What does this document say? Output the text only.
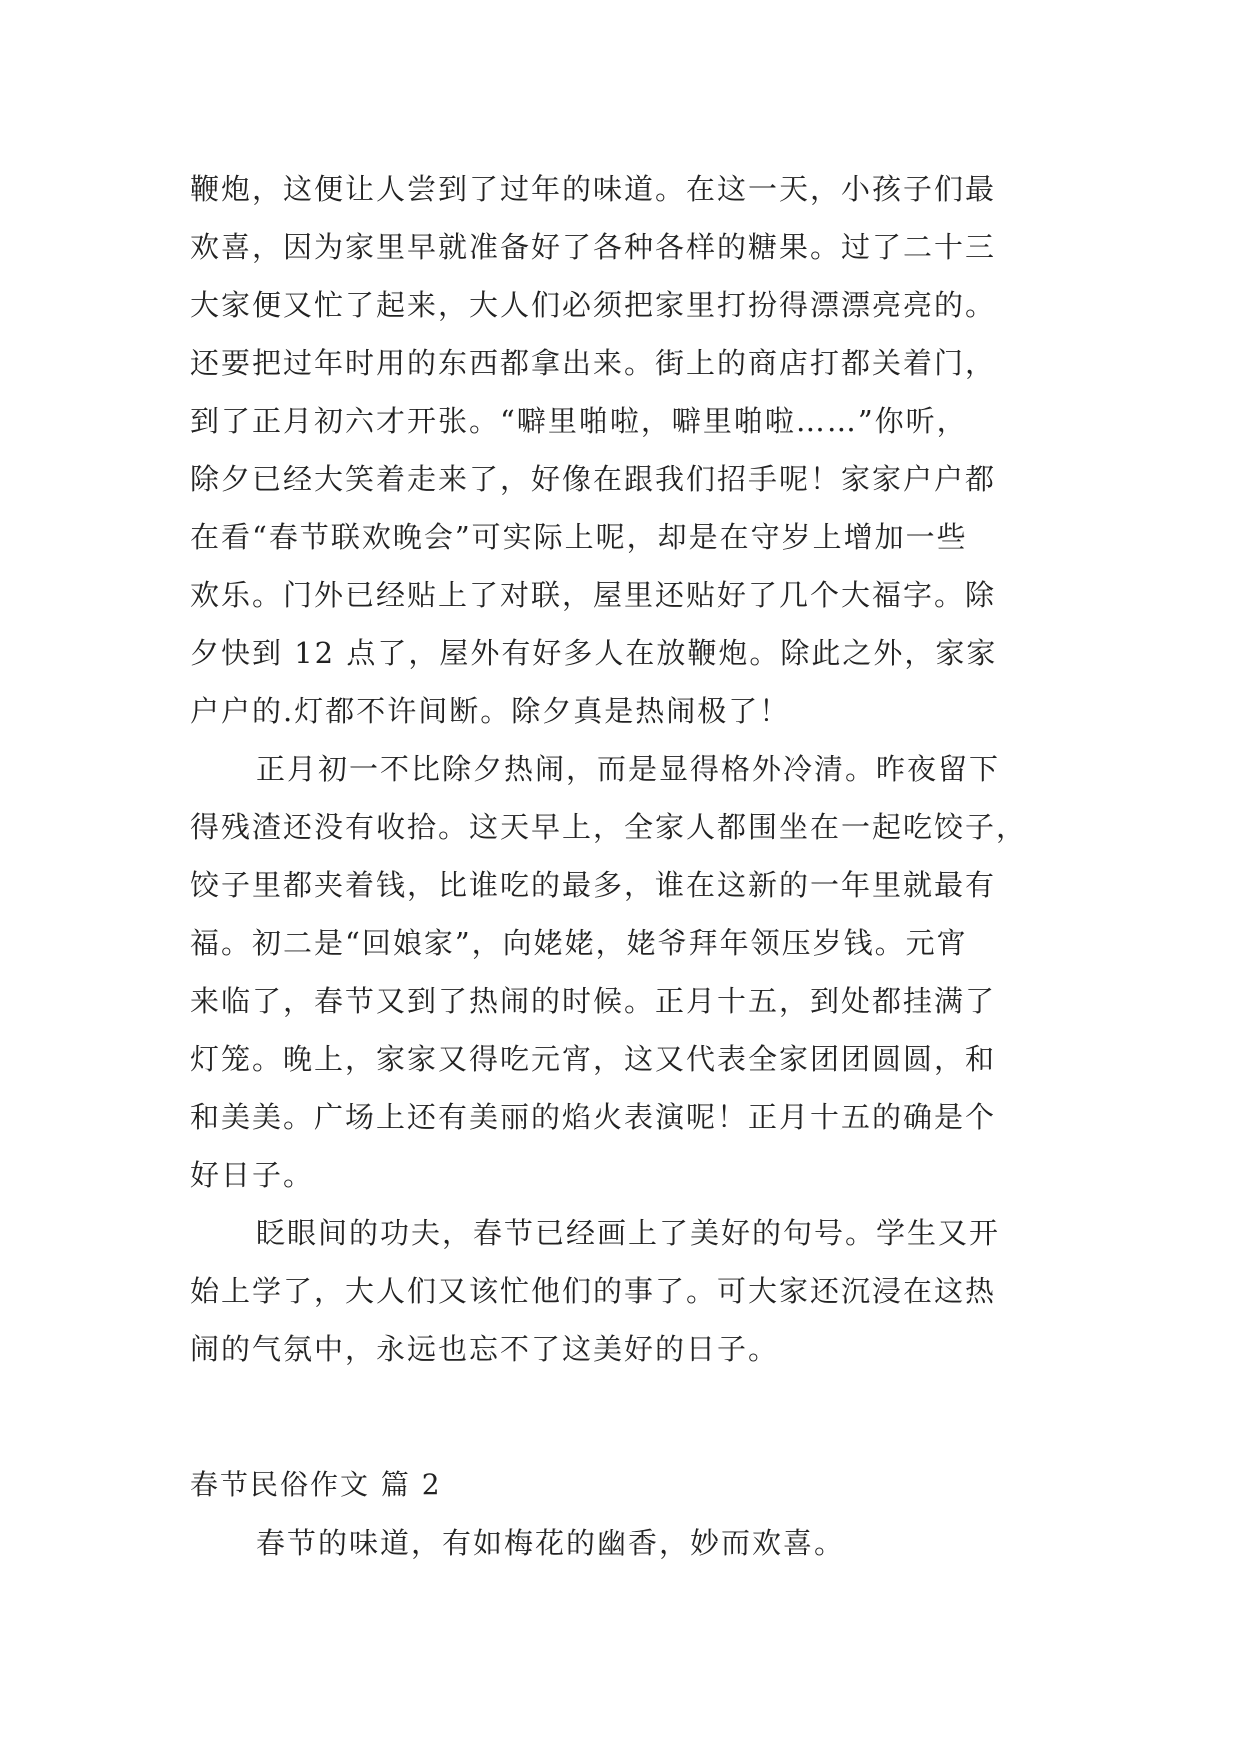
鞭炮，这便让人尝到了过年的味道。在这一天，小孩子们最
欢喜，因为家里早就准备好了各种各样的糖果。过了二十三
大家便又忙了起来，大人们必须把家里打扮得漂漂亮亮的。
还要把过年时用的东西都拿出来。街上的商店打都关着门，
到了正月初六才开张。“噼里啪啦，噼里啪啦……”你听，
除夕已经大笑着走来了，好像在跟我们招手呢！家家户户都
在看“春节联欢晚会”可实际上呢，却是在守岁上增加一些
欢乐。门外已经贴上了对联，屋里还贴好了几个大福字。除
夕快到 12 点了，屋外有好多人在放鞭炮。除此之外，家家
户户的.灯都不许间断。除夕真是热闹极了！
正月初一不比除夕热闹，而是显得格外冷清。昨夜留下
得残渣还没有收拾。这天早上，全家人都围坐在一起吃饺子，
饺子里都夹着钱，比谁吃的最多，谁在这新的一年里就最有
福。初二是“回娘家”，向姥姥，姥爷拜年领压岁钱。元宵
来临了，春节又到了热闹的时候。正月十五，到处都挂满了
灯笼。晚上，家家又得吃元宵，这又代表全家团团圆圆，和
和美美。广场上还有美丽的焰火表演呢！正月十五的确是个
好日子。
眨眼间的功夫，春节已经画上了美好的句号。学生又开
始上学了，大人们又该忙他们的事了。可大家还沉浸在这热
闹的气氛中，永远也忘不了这美好的日子。
春节民俗作文 篇 2
春节的味道，有如梅花的幽香，妙而欢喜。
